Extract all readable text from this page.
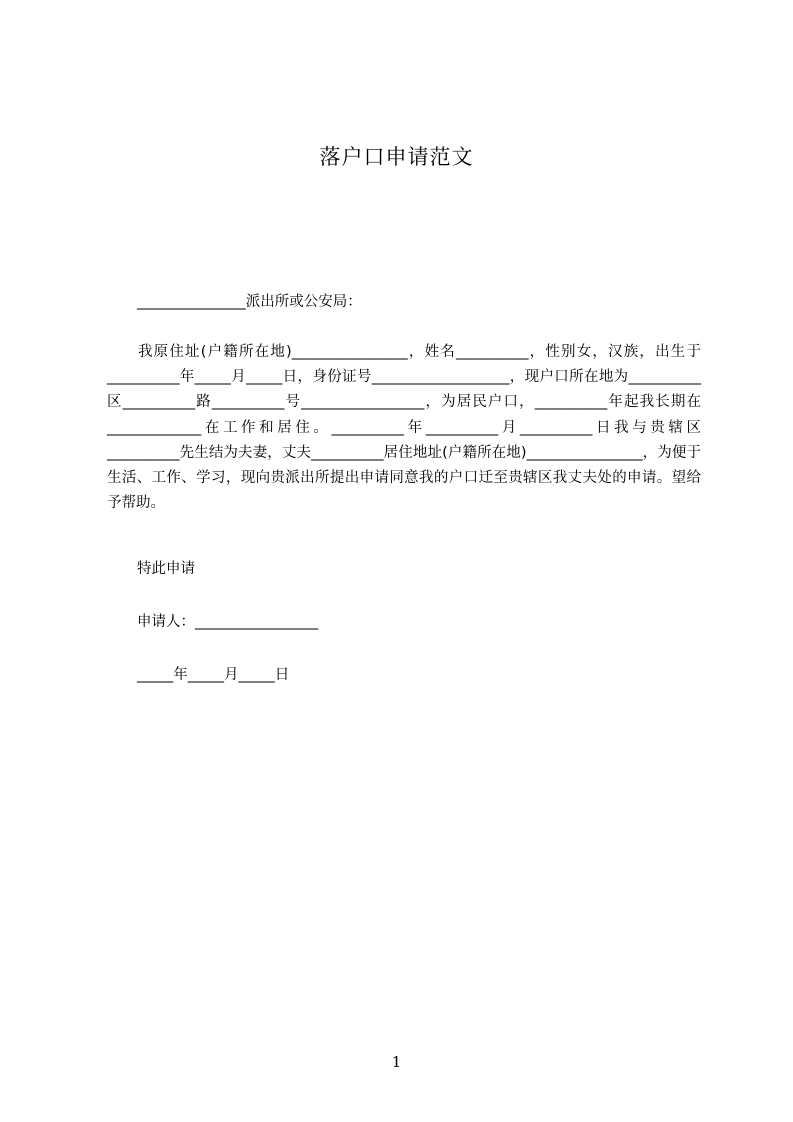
落户口申请范文
_______________派出所或公安局：

我原住址(户籍所在地)________________，姓名__________，性别女，汉族，出生于__________年_____月_____日，身份证号___________________，现户口所在地为__________区__________路__________号_________________，为居民户口，__________年起我长期在_____________在工作和居住。__________年__________月__________日我与贵辖区__________先生结为夫妻，丈夫__________居住地址(户籍所在地)________________，为便于生活、工作、学习，现向贵派出所提出申请同意我的户口迁至贵辖区我丈夫处的申请。望给予帮助。

特此申请
申请人：_________________
_____年_____月_____日
1
